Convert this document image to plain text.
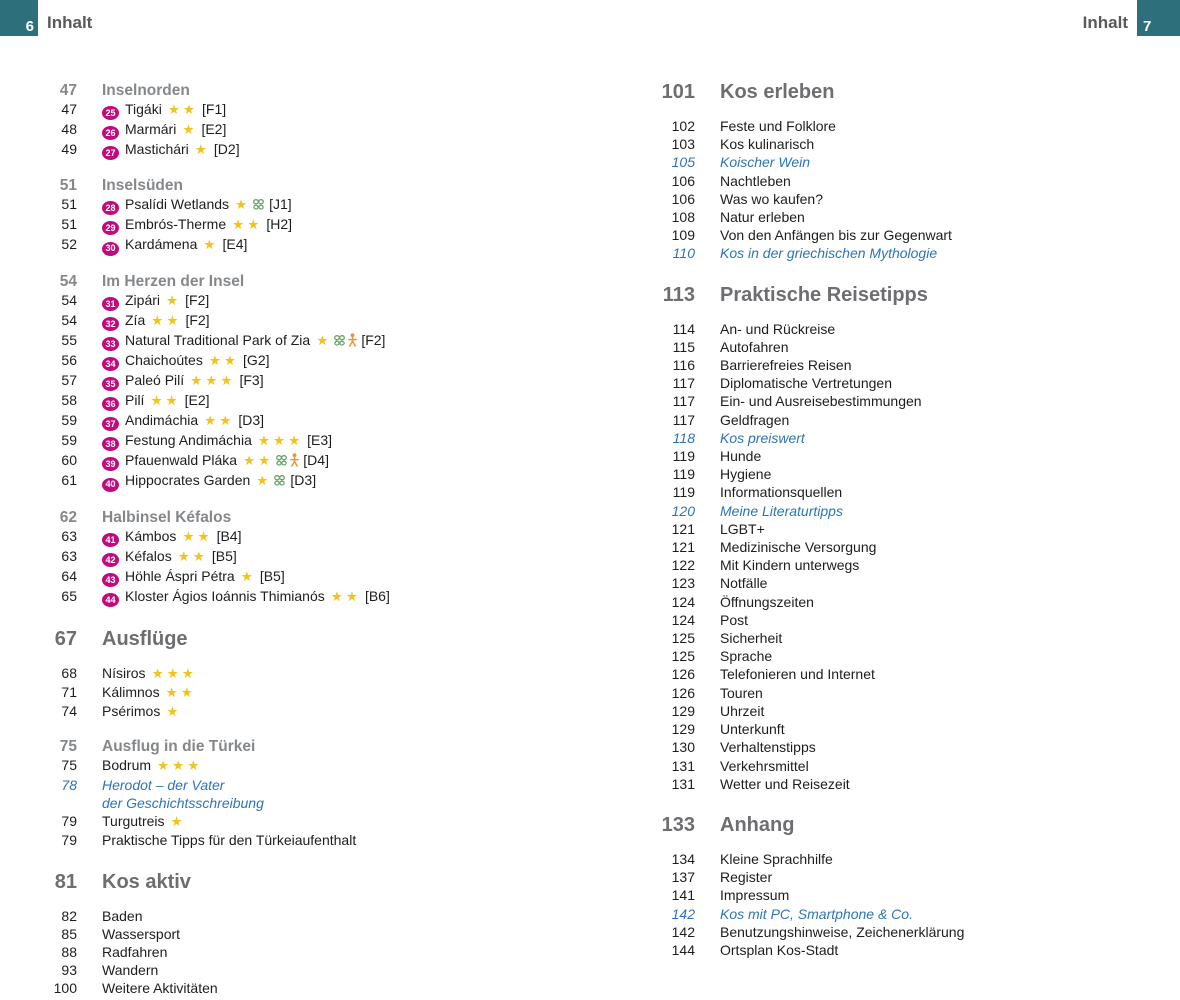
6 Inhalt	Inhalt 7
47	Inselnorden
47	25 Tigáki ★★ [F1]
48	26 Marmári ★ [E2]
49	27 Mastichári ★ [D2]
51	Inselsüden
51	28 Psalídi Wetlands ★ [J1]
51	29 Embrós-Therme ★★ [H2]
52	30 Kardámena ★ [E4]
54	Im Herzen der Insel
54	31 Zipári ★ [F2]
54	32 Zía ★★ [F2]
55	33 Natural Traditional Park of Zia ★ [F2]
56	34 Chaichoútes ★★ [G2]
57	35 Paleó Pilí ★★★ [F3]
58	36 Pilí ★★ [E2]
59	37 Andimáchia ★★ [D3]
59	38 Festung Andimáchia ★★★ [E3]
60	39 Pfauenwald Pláka ★★ [D4]
61	40 Hippocrates Garden ★ [D3]
62	Halbinsel Kéfalos
63	41 Kámbos ★★ [B4]
63	42 Kéfalos ★★ [B5]
64	43 Höhle Áspri Pétra ★ [B5]
65	44 Kloster Ágios Ioánnis Thimianós ★★ [B6]
67	Ausflüge
68	Nísiros ★★★
71	Kálimnos ★★
74	Psérimos ★
75	Ausflug in die Türkei
75	Bodrum ★★★
78	Herodot – der Vater
der Geschichtsschreibung
79	Turgutreis ★
79	Praktische Tipps für den Türkeiaufenthalt
81	Kos aktiv
82	Baden
85	Wassersport
88	Radfahren
93	Wandern
100	Weitere Aktivitäten
101	Kos erleben
102	Feste und Folklore
103	Kos kulinarisch
105	Koischer Wein
106	Nachtleben
106	Was wo kaufen?
108	Natur erleben
109	Von den Anfängen bis zur Gegenwart
110	Kos in der griechischen Mythologie
113	Praktische Reisetipps
114	An- und Rückreise
115	Autofahren
116	Barrierefreies Reisen
117	Diplomatische Vertretungen
117	Ein- und Ausreisebestimmungen
117	Geldfragen
118	Kos preiswert
119	Hunde
119	Hygiene
119	Informationsquellen
120	Meine Literaturtipps
121	LGBT+
121	Medizinische Versorgung
122	Mit Kindern unterwegs
123	Notfälle
124	Öffnungszeiten
124	Post
125	Sicherheit
125	Sprache
126	Telefonieren und Internet
126	Touren
129	Uhrzeit
129	Unterkunft
130	Verhaltenstipps
131	Verkehrsmittel
131	Wetter und Reisezeit
133	Anhang
134	Kleine Sprachhilfe
137	Register
141	Impressum
142	Kos mit PC, Smartphone & Co.
142	Benutzungshinweise, Zeichenerklärung
144	Ortsplan Kos-Stadt
